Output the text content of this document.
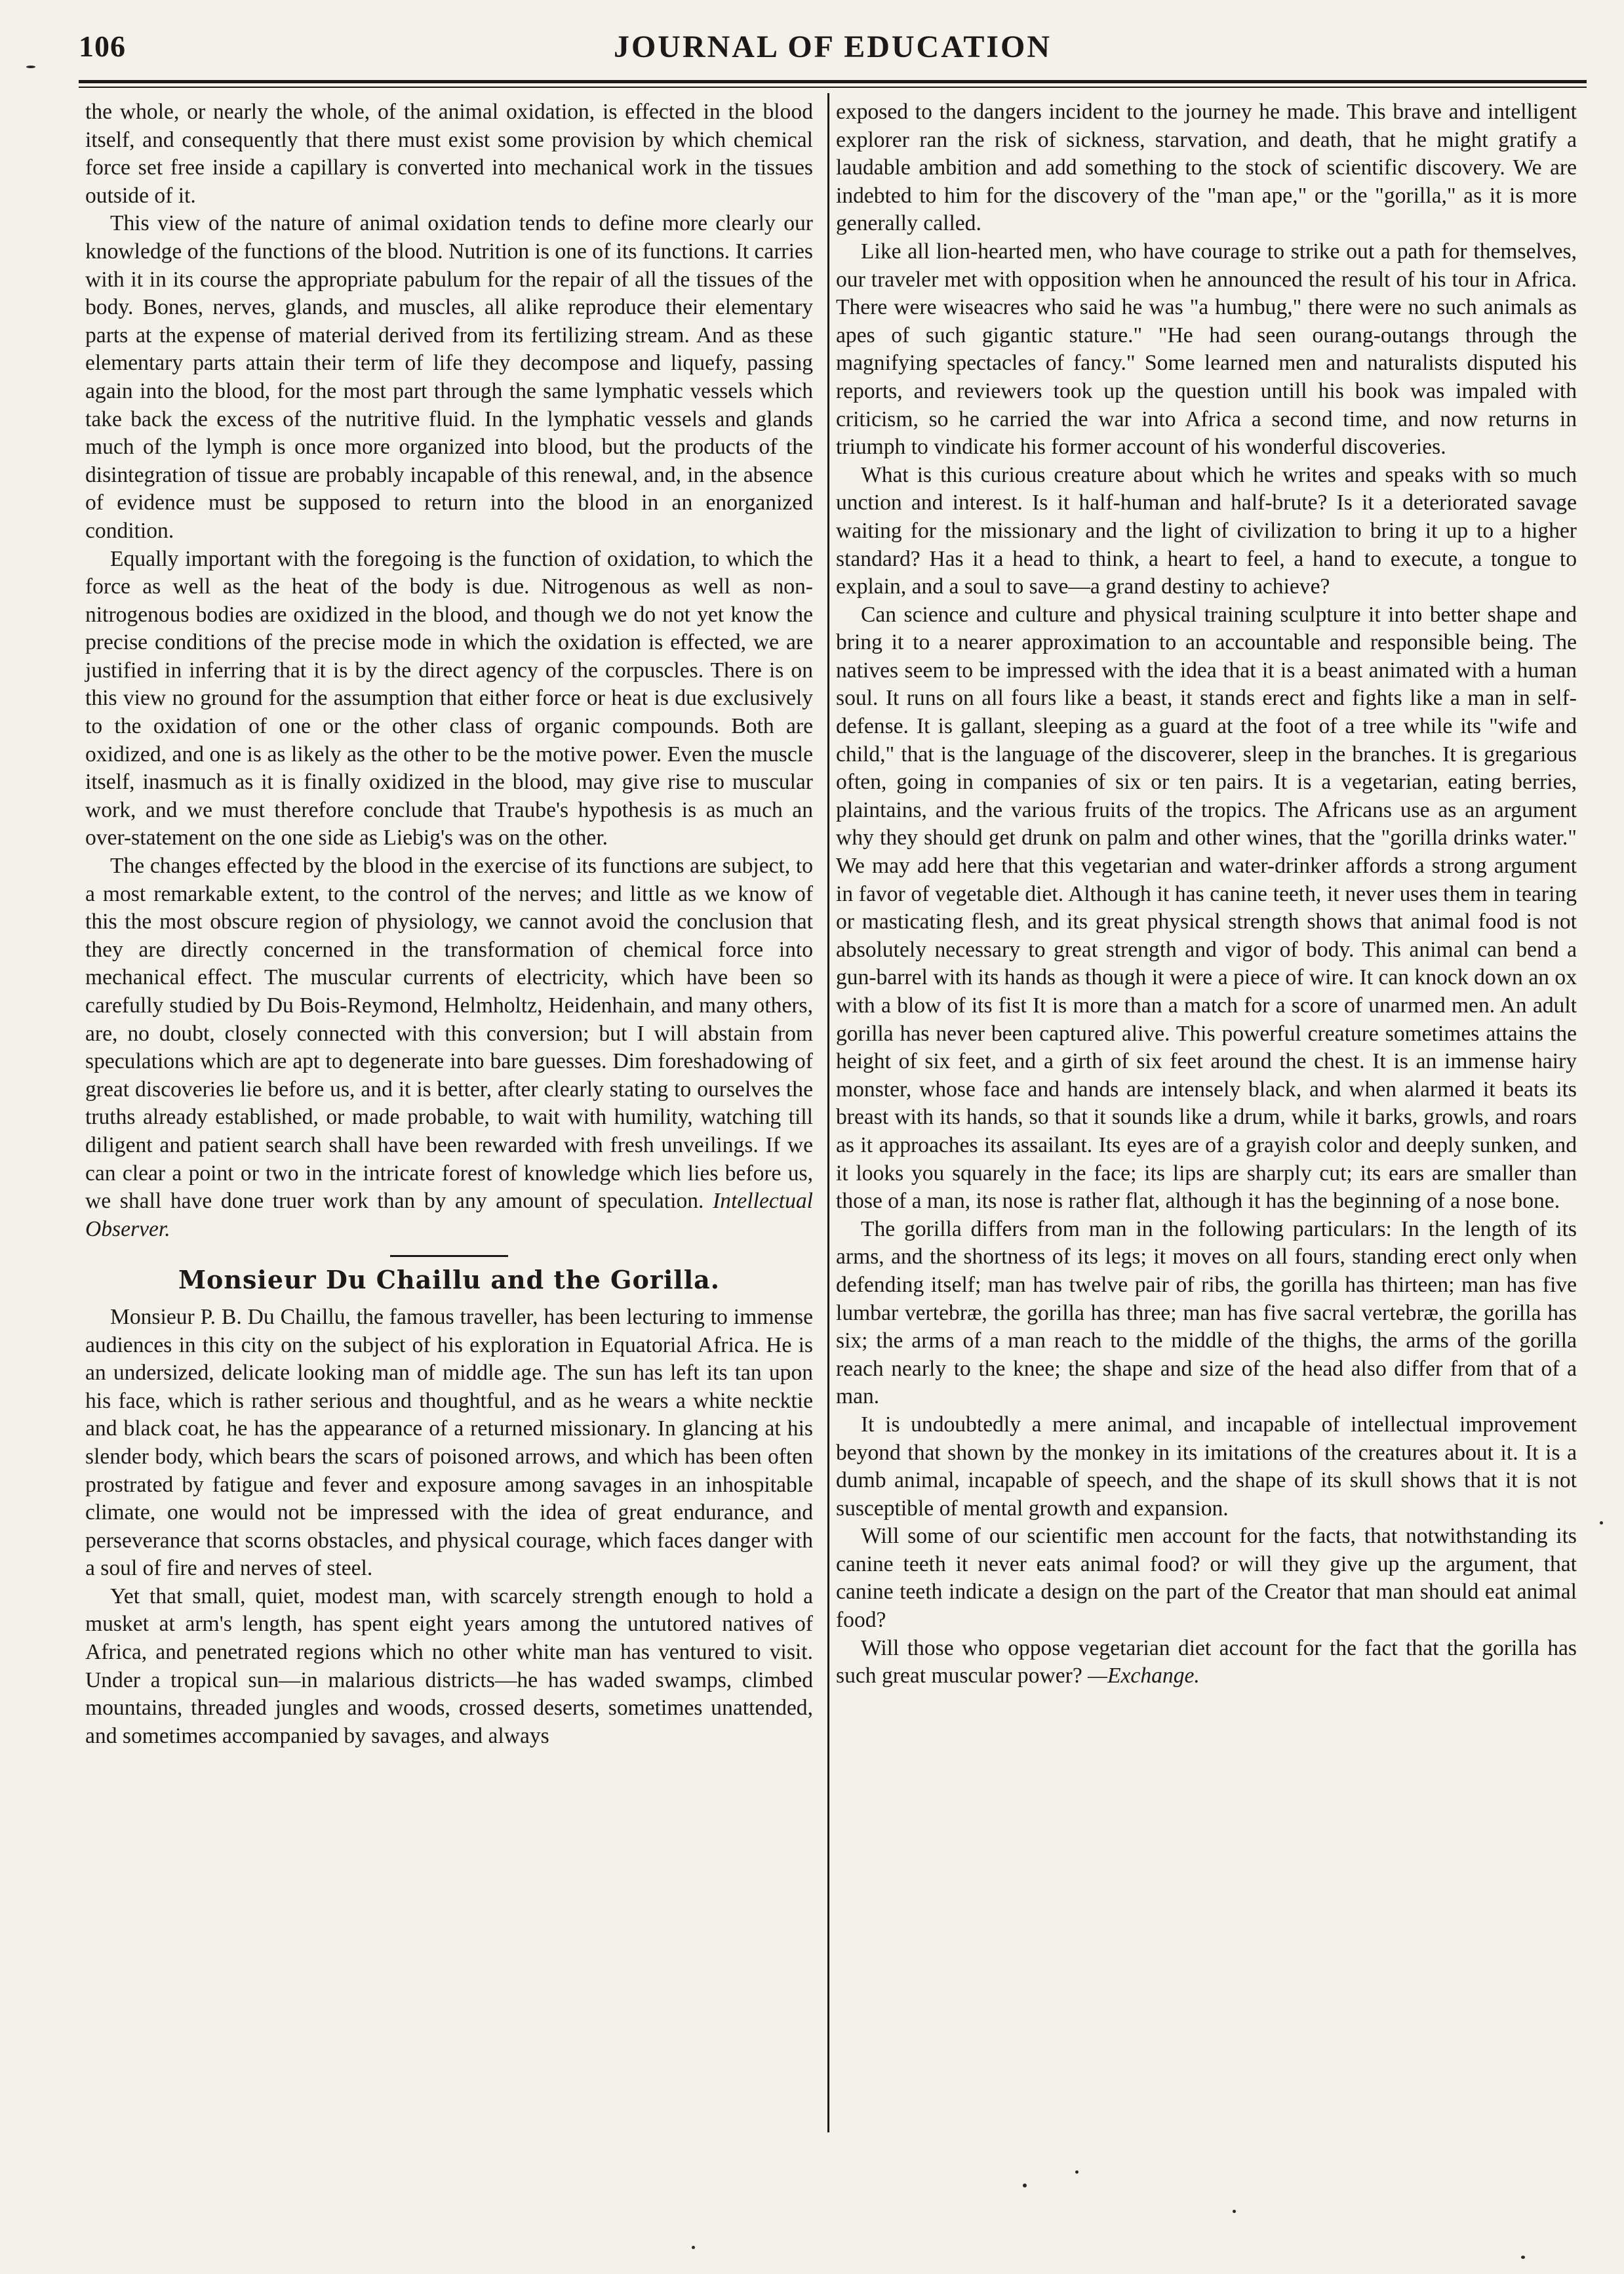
JOURNAL OF EDUCATION
106

the whole, or nearly the whole, of the animal oxidation, is effected in the blood itself, and consequently that there must exist some provision by which chemical force set free inside a capillary is converted into mechanical work in the tissues outside of it.

This view of the nature of animal oxidation tends to define more clearly our knowledge of the functions of the blood. Nutrition is one of its functions. It carries with it in its course the appropriate pabulum for the repair of all the tissues of the body. Bones, nerves, glands, and muscles, all alike reproduce their elementary parts at the expense of material derived from its fertilizing stream. And as these elementary parts attain their term of life they decompose and liquefy, passing again into the blood, for the most part through the same lymphatic vessels which take back the excess of the nutritive fluid. In the lymphatic vessels and glands much of the lymph is once more organized into blood, but the products of the disintegration of tissue are probably incapable of this renewal, and, in the absence of evidence must be supposed to return into the blood in an enorganized condition.

Equally important with the foregoing is the function of oxidation, to which the force as well as the heat of the body is due. Nitrogenous as well as non-nitrogenous bodies are oxidized in the blood, and though we do not yet know the precise conditions of the precise mode in which the oxidation is effected, we are justified in inferring that it is by the direct agency of the corpuscles. There is on this view no ground for the assumption that either force or heat is due exclusively to the oxidation of one or the other class of organic compounds. Both are oxidized, and one is as likely as the other to be the motive power. Even the muscle itself, inasmuch as it is finally oxidized in the blood, may give rise to muscular work, and we must therefore conclude that Traube's hypothesis is as much an over-statement on the one side as Liebig's was on the other.

The changes effected by the blood in the exercise of its functions are subject, to a most remarkable extent, to the control of the nerves; and little as we know of this the most obscure region of physiology, we cannot avoid the conclusion that they are directly concerned in the transformation of chemical force into mechanical effect. The muscular currents of electricity, which have been so carefully studied by Du Bois-Reymond, Helmholtz, Heidenhain, and many others, are, no doubt, closely connected with this conversion; but I will abstain from speculations which are apt to degenerate into bare guesses. Dim foreshadowing of great discoveries lie before us, and it is better, after clearly stating to ourselves the truths already established, or made probable, to wait with humility, watching till diligent and patient search shall have been rewarded with fresh unveilings. If we can clear a point or two in the intricate forest of knowledge which lies before us, we shall have done truer work than by any amount of speculation. Intellectual Observer.

Monsieur Du Chaillu and the Gorilla.

Monsieur P. B. Du Chaillu, the famous traveller, has been lecturing to immense audiences in this city on the subject of his exploration in Equatorial Africa. He is an undersized, delicate looking man of middle age. The sun has left its tan upon his face, which is rather serious and thoughtful, and as he wears a white necktie and black coat, he has the appearance of a returned missionary. In glancing at his slender body, which bears the scars of poisoned arrows, and which has been often prostrated by fatigue and fever and exposure among savages in an inhospitable climate, one would not be impressed with the idea of great endurance, and perseverance that scorns obstacles, and physical courage, which faces danger with a soul of fire and nerves of steel.

Yet that small, quiet, modest man, with scarcely strength enough to hold a musket at arm's length, has spent eight years among the untutored natives of Africa, and penetrated regions which no other white man has ventured to visit. Under a tropical sun—in malarious districts—he has waded swamps, climbed mountains, threaded jungles and woods, crossed deserts, sometimes unattended, and sometimes accompanied by savages, and always

exposed to the dangers incident to the journey he made. This brave and intelligent explorer ran the risk of sickness, starvation, and death, that he might gratify a laudable ambition and add something to the stock of scientific discovery. We are indebted to him for the discovery of the "man ape," or the "gorilla," as it is more generally called.

Like all lion-hearted men, who have courage to strike out a path for themselves, our traveler met with opposition when he announced the result of his tour in Africa. There were wiseacres who said he was "a humbug," there were no such animals as apes of such gigantic stature." "He had seen ourang-outangs through the magnifying spectacles of fancy." Some learned men and naturalists disputed his reports, and reviewers took up the question untill his book was impaled with criticism, so he carried the war into Africa a second time, and now returns in triumph to vindicate his former account of his wonderful discoveries.

What is this curious creature about which he writes and speaks with so much unction and interest. Is it half-human and half-brute? Is it a deteriorated savage waiting for the missionary and the light of civilization to bring it up to a higher standard? Has it a head to think, a heart to feel, a hand to execute, a tongue to explain, and a soul to save—a grand destiny to achieve?

Can science and culture and physical training sculpture it into better shape and bring it to a nearer approximation to an accountable and responsible being. The natives seem to be impressed with the idea that it is a beast animated with a human soul. It runs on all fours like a beast, it stands erect and fights like a man in self-defense. It is gallant, sleeping as a guard at the foot of a tree while its "wife and child," that is the language of the discoverer, sleep in the branches. It is gregarious often, going in companies of six or ten pairs. It is a vegetarian, eating berries, plaintains, and the various fruits of the tropics. The Africans use as an argument why they should get drunk on palm and other wines, that the "gorilla drinks water." We may add here that this vegetarian and water-drinker affords a strong argument in favor of vegetable diet. Although it has canine teeth, it never uses them in tearing or masticating flesh, and its great physical strength shows that animal food is not absolutely necessary to great strength and vigor of body. This animal can bend a gun-barrel with its hands as though it were a piece of wire. It can knock down an ox with a blow of its fist It is more than a match for a score of unarmed men. An adult gorilla has never been captured alive. This powerful creature sometimes attains the height of six feet, and a girth of six feet around the chest. It is an immense hairy monster, whose face and hands are intensely black, and when alarmed it beats its breast with its hands, so that it sounds like a drum, while it barks, growls, and roars as it approaches its assailant. Its eyes are of a grayish color and deeply sunken, and it looks you squarely in the face; its lips are sharply cut; its ears are smaller than those of a man, its nose is rather flat, although it has the beginning of a nose bone.

The gorilla differs from man in the following particulars: In the length of its arms, and the shortness of its legs; it moves on all fours, standing erect only when defending itself; man has twelve pair of ribs, the gorilla has thirteen; man has five lumbar vertebræ, the gorilla has three; man has five sacral vertebræ, the gorilla has six; the arms of a man reach to the middle of the thighs, the arms of the gorilla reach nearly to the knee; the shape and size of the head also differ from that of a man.

It is undoubtedly a mere animal, and incapable of intellectual improvement beyond that shown by the monkey in its imitations of the creatures about it. It is a dumb animal, incapable of speech, and the shape of its skull shows that it is not susceptible of mental growth and expansion.

Will some of our scientific men account for the facts, that notwithstanding its canine teeth it never eats animal food? or will they give up the argument, that canine teeth indicate a design on the part of the Creator that man should eat animal food?

Will those who oppose vegetarian diet account for the fact that the gorilla has such great muscular power? —Exchange.
